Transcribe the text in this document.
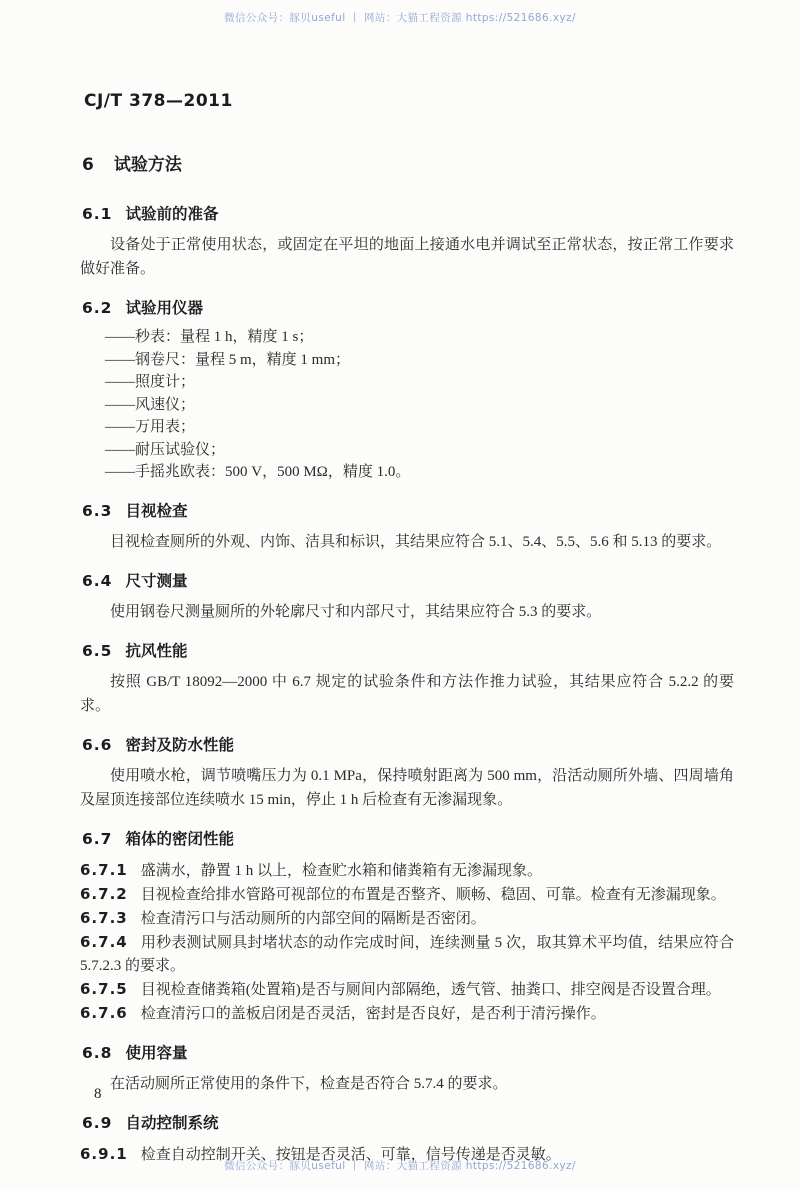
微信公众号：豚贝useful 丨 网站：大猫工程资源 https://521686.xyz/
CJ/T 378—2011
6 试验方法
6.1 试验前的准备

设备处于正常使用状态，或固定在平坦的地面上接通水电并调试至正常状态，按正常工作要求做好准备。

6.2 试验用仪器
——秒表：量程 1 h，精度 1 s；
——钢卷尺：量程 5 m，精度 1 mm；
——照度计；
——风速仪；
——万用表；
——耐压试验仪；
——手摇兆欧表：500 V，500 MΩ，精度 1.0。
6.3 目视检查

目视检查厕所的外观、内饰、洁具和标识，其结果应符合 5.1、5.4、5.5、5.6 和 5.13 的要求。

6.4 尺寸测量

使用钢卷尺测量厕所的外轮廓尺寸和内部尺寸，其结果应符合 5.3 的要求。

6.5 抗风性能

按照 GB/T 18092—2000 中 6.7 规定的试验条件和方法作推力试验，其结果应符合 5.2.2 的要求。

6.6 密封及防水性能

使用喷水枪，调节喷嘴压力为 0.1 MPa，保持喷射距离为 500 mm，沿活动厕所外墙、四周墙角及屋顶连接部位连续喷水 15 min，停止 1 h 后检查有无渗漏现象。

6.7 箱体的密闭性能
6.7.1 盛满水，静置 1 h 以上，检查贮水箱和储粪箱有无渗漏现象。
6.7.2 目视检查给排水管路可视部位的布置是否整齐、顺畅、稳固、可靠。检查有无渗漏现象。
6.7.3 检查清污口与活动厕所的内部空间的隔断是否密闭。
6.7.4 用秒表测试厕具封堵状态的动作完成时间，连续测量 5 次，取其算术平均值，结果应符合 5.7.2.3 的要求。
6.7.5 目视检查储粪箱(处置箱)是否与厕间内部隔绝，透气管、抽粪口、排空阀是否设置合理。
6.7.6 检查清污口的盖板启闭是否灵活，密封是否良好，是否利于清污操作。
6.8 使用容量

在活动厕所正常使用的条件下，检查是否符合 5.7.4 的要求。

6.9 自动控制系统
6.9.1 检查自动控制开关、按钮是否灵活、可靠，信号传递是否灵敏。
8
微信公众号：豚贝useful 丨 网站：大猫工程资源 https://521686.xyz/
